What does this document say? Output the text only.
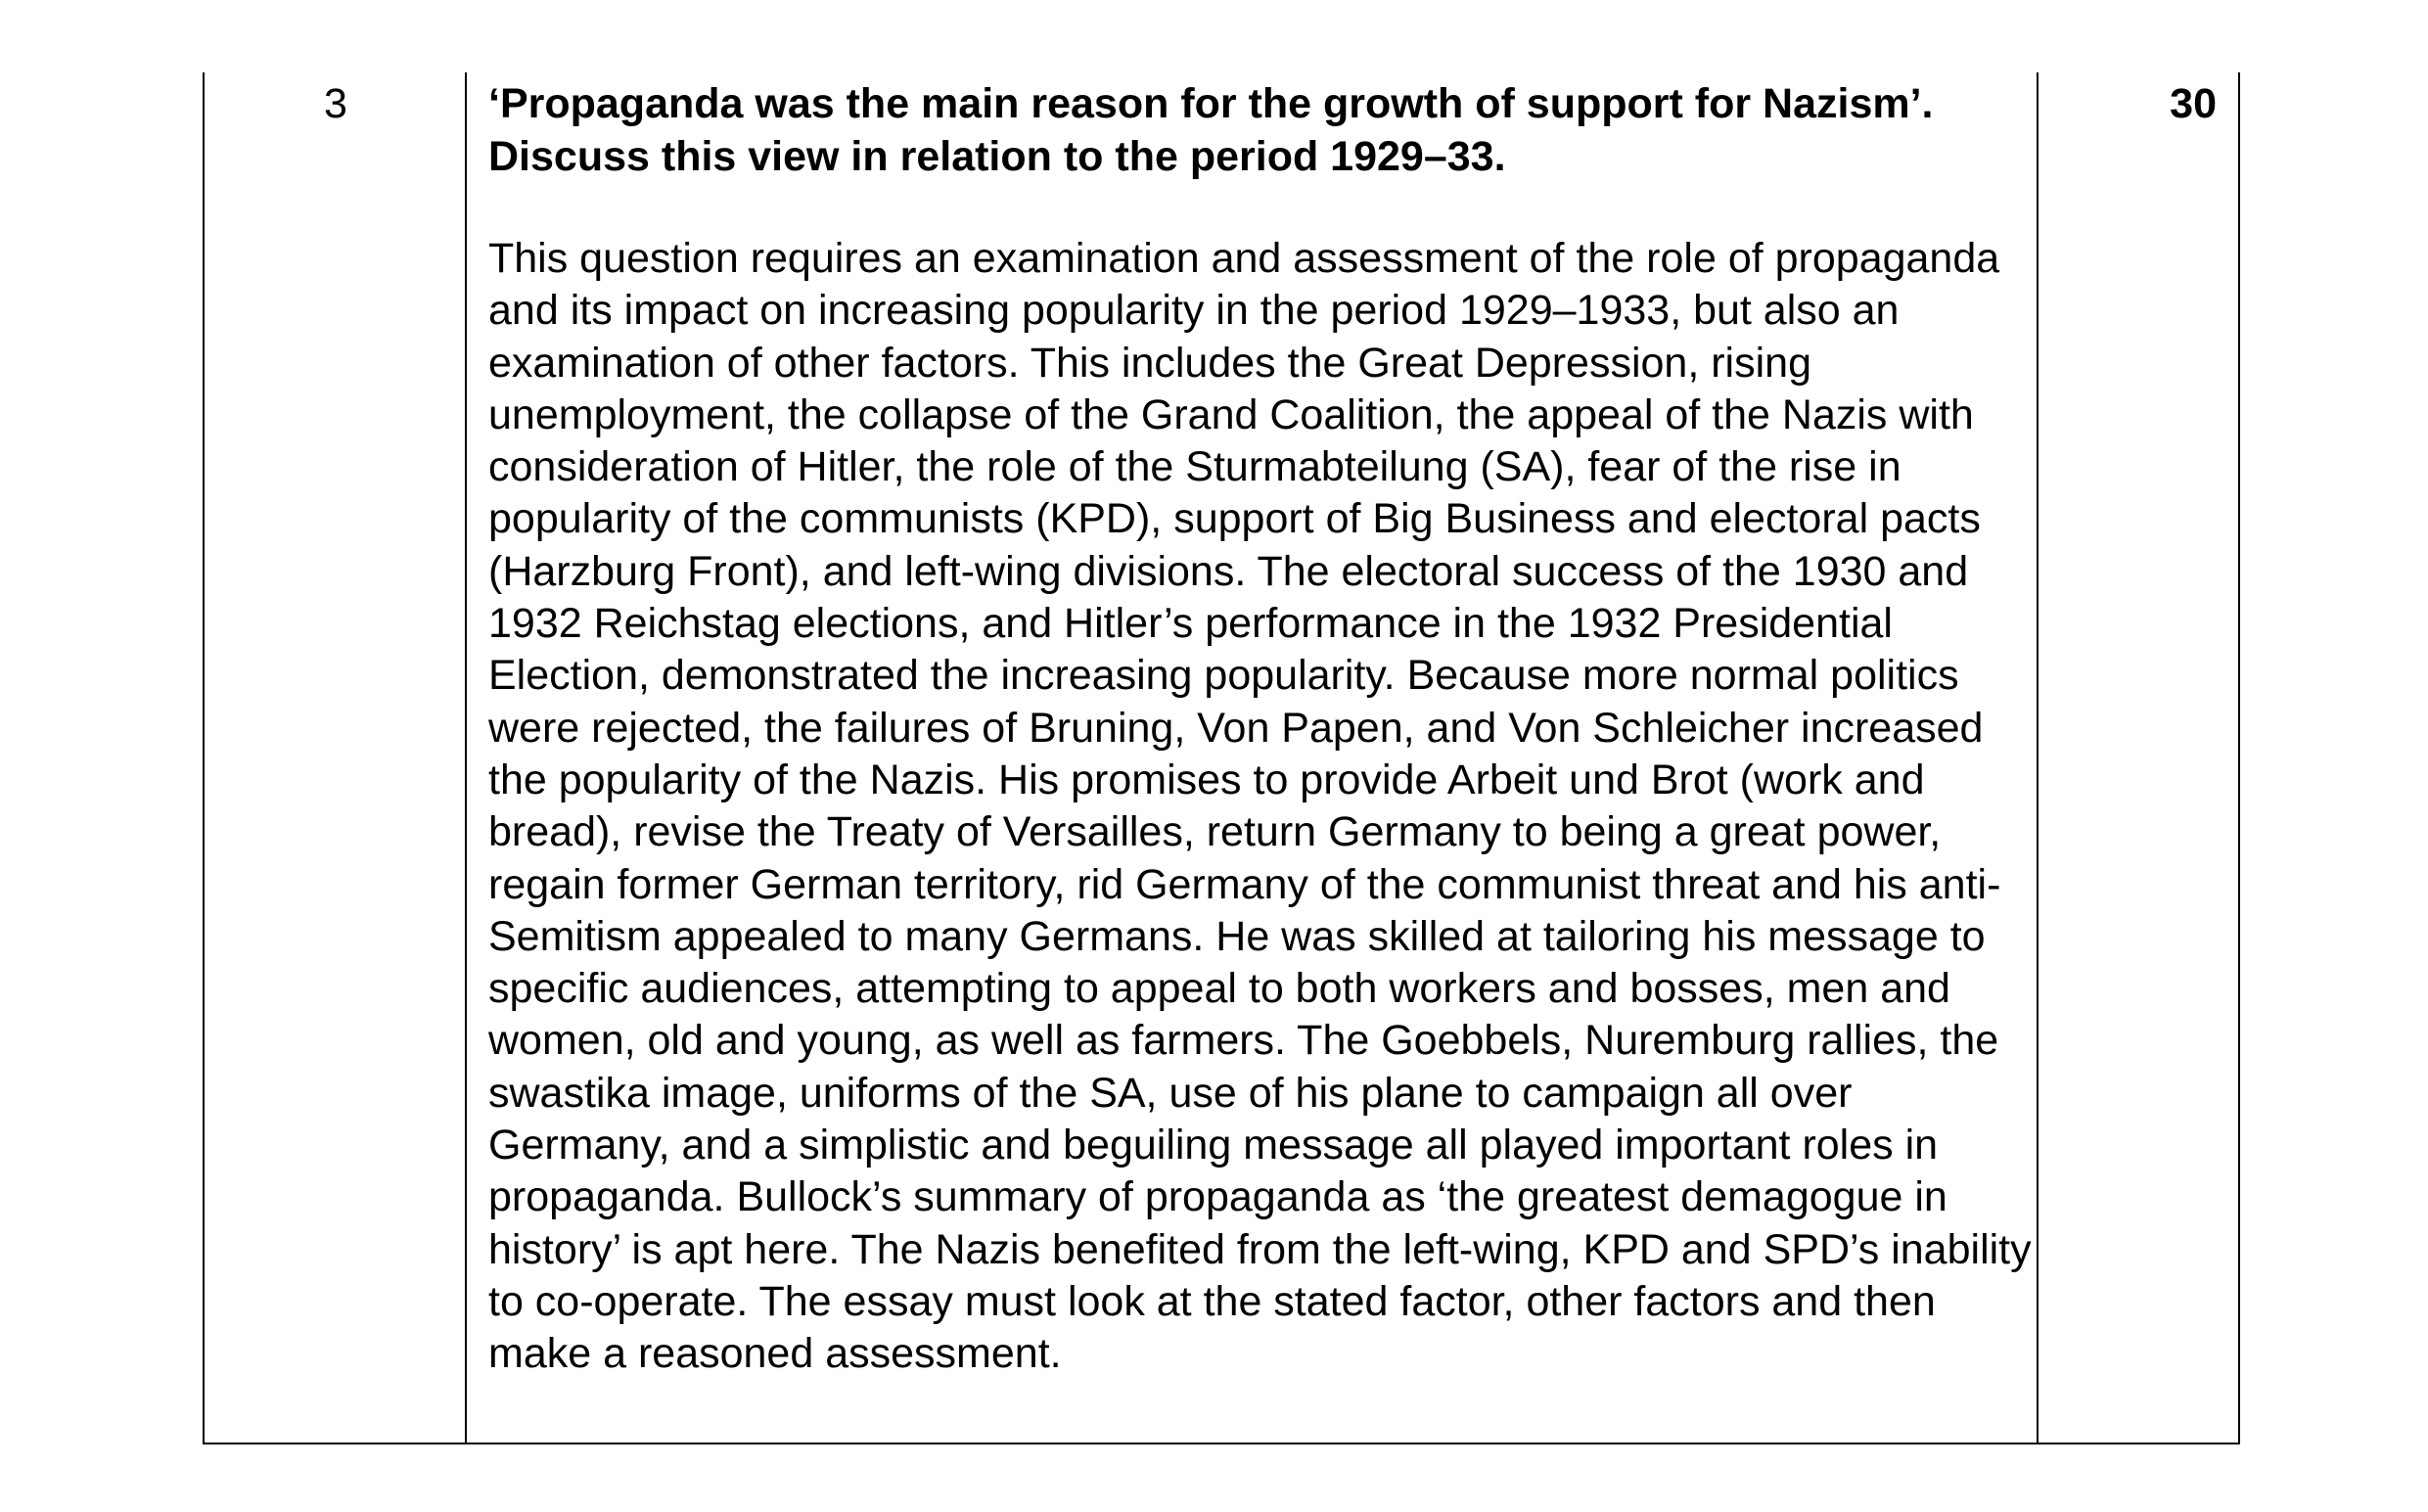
3	‘Propaganda was the main reason for the growth of support for Nazism’. Discuss this view in relation to the period 1929–33.

This question requires an examination and assessment of the role of propaganda and its impact on increasing popularity in the period 1929–1933, but also an examination of other factors. This includes the Great Depression, rising unemployment, the collapse of the Grand Coalition, the appeal of the Nazis with consideration of Hitler, the role of the Sturmabteilung (SA), fear of the rise in popularity of the communists (KPD), support of Big Business and electoral pacts (Harzburg Front), and left-wing divisions. The electoral success of the 1930 and 1932 Reichstag elections, and Hitler’s performance in the 1932 Presidential Election, demonstrated the increasing popularity. Because more normal politics were rejected, the failures of Bruning, Von Papen, and Von Schleicher increased the popularity of the Nazis. His promises to provide Arbeit und Brot (work and bread), revise the Treaty of Versailles, return Germany to being a great power, regain former German territory, rid Germany of the communist threat and his anti-Semitism appealed to many Germans. He was skilled at tailoring his message to specific audiences, attempting to appeal to both workers and bosses, men and women, old and young, as well as farmers. The Goebbels, Nuremburg rallies, the swastika image, uniforms of the SA, use of his plane to campaign all over Germany, and a simplistic and beguiling message all played important roles in propaganda. Bullock’s summary of propaganda as ‘the greatest demagogue in history’ is apt here. The Nazis benefited from the left-wing, KPD and SPD’s inability to co-operate. The essay must look at the stated factor, other factors and then make a reasoned assessment.

30
